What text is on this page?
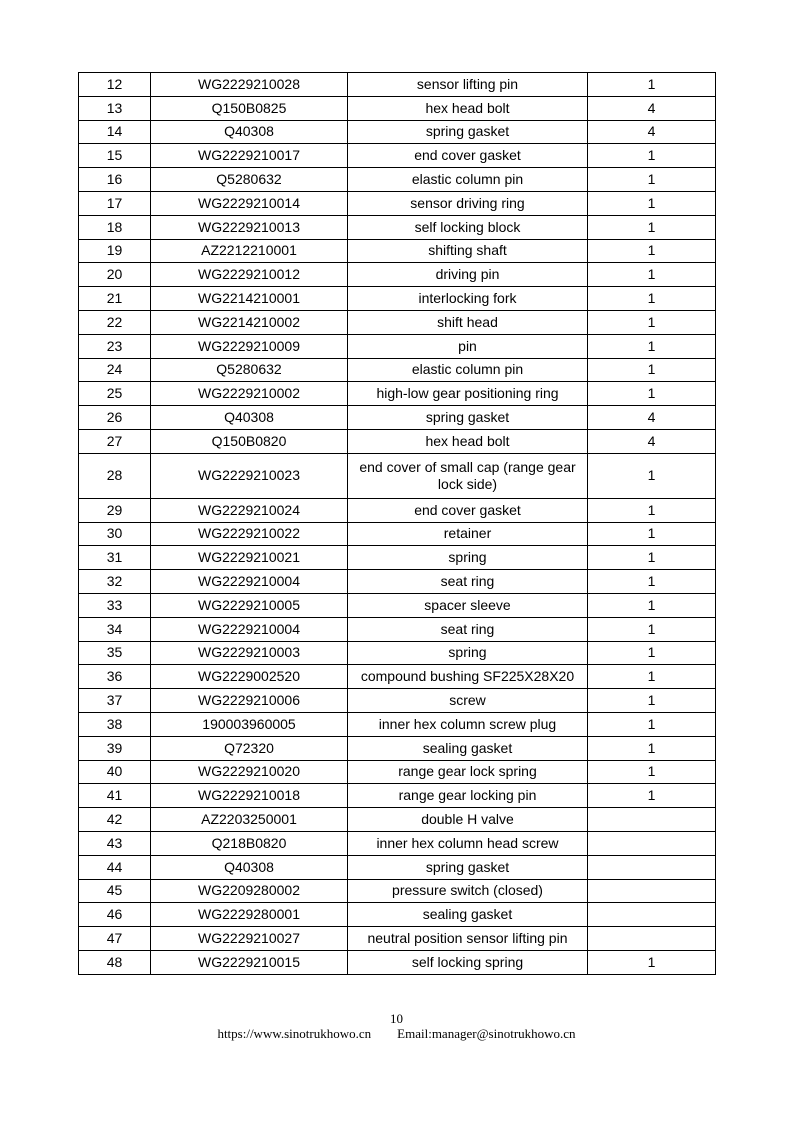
12	WG2229210028	sensor lifting pin	1
13	Q150B0825	hex head bolt	4
14	Q40308	spring gasket	4
15	WG2229210017	end cover gasket	1
16	Q5280632	elastic column pin	1
17	WG2229210014	sensor driving ring	1
18	WG2229210013	self locking block	1
19	AZ2212210001	shifting shaft	1
20	WG2229210012	driving pin	1
21	WG2214210001	interlocking fork	1
22	WG2214210002	shift head	1
23	WG2229210009	pin	1
24	Q5280632	elastic column pin	1
25	WG2229210002	high-low gear positioning ring	1
26	Q40308	spring gasket	4
27	Q150B0820	hex head bolt	4
28	WG2229210023	end cover of small cap (range gear lock side)	1
29	WG2229210024	end cover gasket	1
30	WG2229210022	retainer	1
31	WG2229210021	spring	1
32	WG2229210004	seat ring	1
33	WG2229210005	spacer sleeve	1
34	WG2229210004	seat ring	1
35	WG2229210003	spring	1
36	WG2229002520	compound bushing SF225X28X20	1
37	WG2229210006	screw	1
38	190003960005	inner hex column screw plug	1
39	Q72320	sealing gasket	1
40	WG2229210020	range gear lock spring	1
41	WG2229210018	range gear locking pin	1
42	AZ2203250001	double H valve	
43	Q218B0820	inner hex column head screw	
44	Q40308	spring gasket	
45	WG2209280002	pressure switch (closed)	
46	WG2229280001	sealing gasket	
47	WG2229210027	neutral position sensor lifting pin	
48	WG2229210015	self locking spring	1
10
https://www.sinotrukhowo.cn Email:manager@sinotrukhowo.cn
